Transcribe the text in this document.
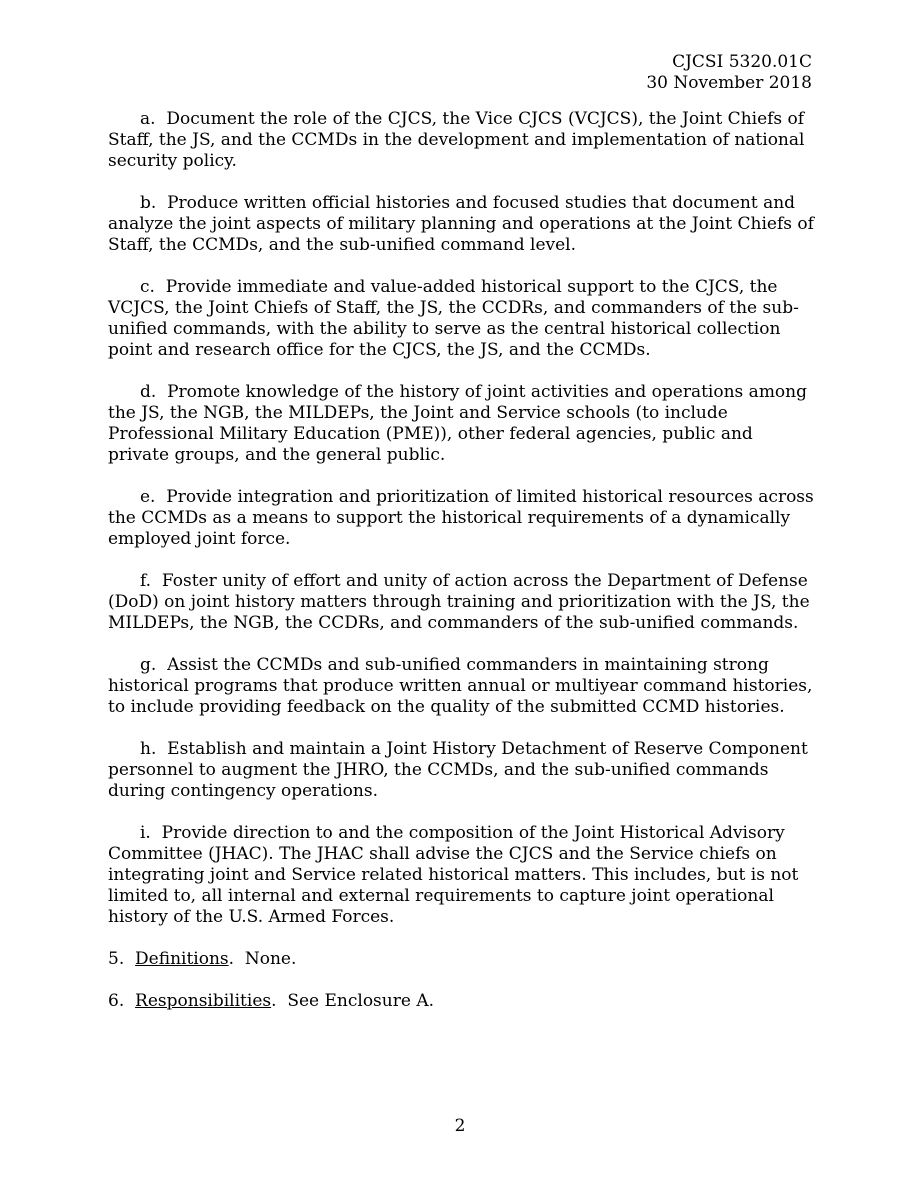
CJCSI 5320.01C
30 November 2018

a. Document the role of the CJCS, the Vice CJCS (VCJCS), the Joint Chiefs of Staff, the JS, and the CCMDs in the development and implementation of national security policy.

b. Produce written official histories and focused studies that document and analyze the joint aspects of military planning and operations at the Joint Chiefs of Staff, the CCMDs, and the sub-unified command level.

c. Provide immediate and value-added historical support to the CJCS, the VCJCS, the Joint Chiefs of Staff, the JS, the CCDRs, and commanders of the sub-unified commands, with the ability to serve as the central historical collection point and research office for the CJCS, the JS, and the CCMDs.

d. Promote knowledge of the history of joint activities and operations among the JS, the NGB, the MILDEPs, the Joint and Service schools (to include Professional Military Education (PME)), other federal agencies, public and private groups, and the general public.

e. Provide integration and prioritization of limited historical resources across the CCMDs as a means to support the historical requirements of a dynamically employed joint force.

f. Foster unity of effort and unity of action across the Department of Defense (DoD) on joint history matters through training and prioritization with the JS, the MILDEPs, the NGB, the CCDRs, and commanders of the sub-unified commands.

g. Assist the CCMDs and sub-unified commanders in maintaining strong historical programs that produce written annual or multiyear command histories, to include providing feedback on the quality of the submitted CCMD histories.

h. Establish and maintain a Joint History Detachment of Reserve Component personnel to augment the JHRO, the CCMDs, and the sub-unified commands during contingency operations.

i. Provide direction to and the composition of the Joint Historical Advisory Committee (JHAC). The JHAC shall advise the CJCS and the Service chiefs on integrating joint and Service related historical matters. This includes, but is not limited to, all internal and external requirements to capture joint operational history of the U.S. Armed Forces.

5. Definitions.  None.

6. Responsibilities.  See Enclosure A.

2
